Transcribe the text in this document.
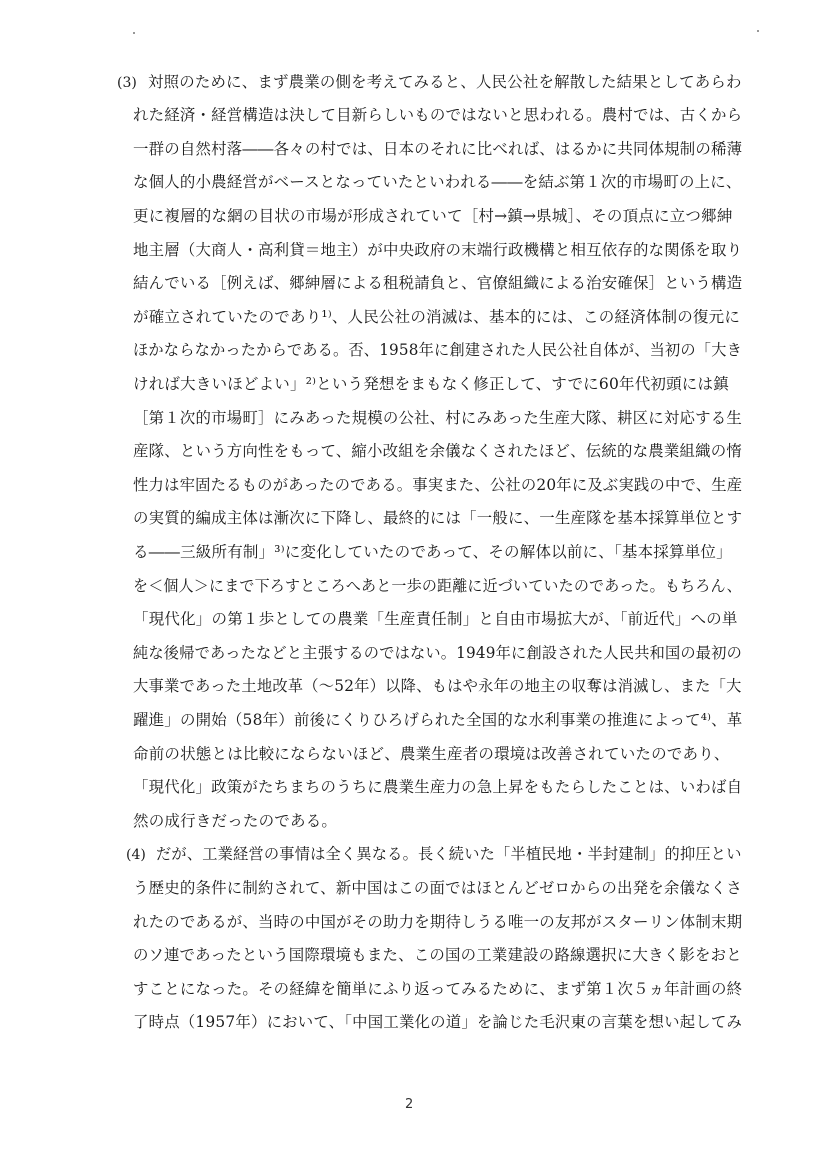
(3) 対照のために、まず農業の側を考えてみると、人民公社を解散した結果としてあらわ
れた経済・経営構造は決して目新らしいものではないと思われる。農村では、古くから
一群の自然村落――各々の村では、日本のそれに比べれば、はるかに共同体規制の稀薄
な個人的小農経営がベースとなっていたといわれる――を結ぶ第１次的市場町の上に、
更に複層的な網の目状の市場が形成されていて［村→鎮→県城］、その頂点に立つ郷紳
地主層（大商人・高利貸＝地主）が中央政府の末端行政機構と相互依存的な関係を取り
結んでいる［例えば、郷紳層による租税請負と、官僚組織による治安確保］という構造
が確立されていたのであり¹⁾、人民公社の消滅は、基本的には、この経済体制の復元に
ほかならなかったからである。否、1958年に創建された人民公社自体が、当初の「大き
ければ大きいほどよい」²⁾という発想をまもなく修正して、すでに60年代初頭には鎮
［第１次的市場町］にみあった規模の公社、村にみあった生産大隊、耕区に対応する生
産隊、という方向性をもって、縮小改組を余儀なくされたほど、伝統的な農業組織の惰
性力は牢固たるものがあったのである。事実また、公社の20年に及ぶ実践の中で、生産
の実質的編成主体は漸次に下降し、最終的には「一般に、一生産隊を基本採算単位とす
る――三級所有制」³⁾に変化していたのであって、その解体以前に、「基本採算単位」
を＜個人＞にまで下ろすところへあと一歩の距離に近づいていたのであった。もちろん、
「現代化」の第１歩としての農業「生産責任制」と自由市場拡大が、「前近代」への単
純な後帰であったなどと主張するのではない。1949年に創設された人民共和国の最初の
大事業であった土地改革（～52年）以降、もはや永年の地主の収奪は消滅し、また「大
躍進」の開始（58年）前後にくりひろげられた全国的な水利事業の推進によって⁴⁾、革
命前の状態とは比較にならないほど、農業生産者の環境は改善されていたのであり、
「現代化」政策がたちまちのうちに農業生産力の急上昇をもたらしたことは、いわば自
然の成行きだったのである。
(4) だが、工業経営の事情は全く異なる。長く続いた「半植民地・半封建制」的抑圧とい
う歴史的条件に制約されて、新中国はこの面ではほとんどゼロからの出発を余儀なくさ
れたのであるが、当時の中国がその助力を期待しうる唯一の友邦がスターリン体制末期
のソ連であったという国際環境もまた、この国の工業建設の路線選択に大きく影をおと
すことになった。その経緯を簡単にふり返ってみるために、まず第１次５ヵ年計画の終
了時点（1957年）において、「中国工業化の道」を論じた毛沢東の言葉を想い起してみ
2
